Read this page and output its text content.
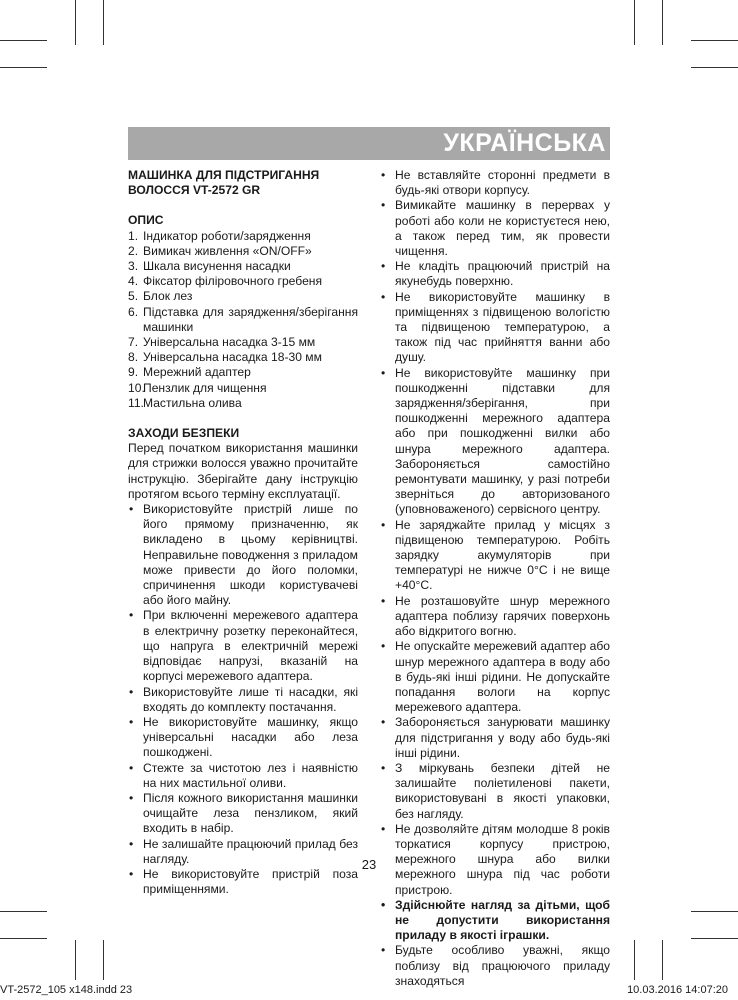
УКРАЇНСЬКА

МАШИНКА ДЛЯ ПІДСТРИГАННЯ

ВОЛОССЯ VT-2572 GR

ОПИС

1. Індикатор роботи/зарядження
2. Вимикач живлення «ON/OFF»
3. Шкала висунення насадки
4. Фіксатор філіровочного гребеня
5. Блок лез
6. Підставка для зарядження/зберігання машинки
7. Універсальна насадка 3-15 мм
8. Універсальна насадка 18-30 мм
9. Мережний адаптер
10.
Пензлик для чищення
11. Мастильна олива

ЗАХОДИ БЕЗПЕКИ

Перед початком використання машинки для стрижки волосся уважно прочитайте інструкцію. Зберігайте дану інструкцію протягом всього терміну експлуатації.

• Використовуйте пристрій лише по його прямому призначенню, як викладено в цьому керівництві. Неправильне поводження з приладом може привести до його поломки, спричинення шкоди користувачеві або його майну.
• При включенні мережевого адаптера в електричну розетку переконайтеся, що напруга в електричній мережі відповідає напрузі, вказаній на корпусі мережевого адаптера.
• Використовуйте лише ті насадки, які входять до комплекту постачання.
• Не використовуйте машинку, якщо універсальні насадки або леза пошкоджені.
• Стежте за чистотою лез і наявністю на них мастильної оливи.
• Після кожного використання машинки очищайте леза пензликом, який входить в набір.
• Не залишайте працюючий прилад без нагляду.
• Не використовуйте пристрій поза приміщеннями.
• Не вставляйте сторонні предмети в будь-які отвори корпусу.
• Вимикайте машинку в перервах у роботі або коли не користуєтеся нею, а також перед тим, як провести чищення.
• Не кладіть працюючий пристрій на якунебудь поверхню.
• Не використовуйте машинку в приміщеннях з підвищеною вологістю та підвищеною температурою, а також під час прийняття ванни або душу.
• Не використовуйте машинку при пошкодженні підставки для зарядження/зберігання, при пошкодженні мережного адаптера або при пошкодженні вилки або шнура мережного адаптера. Забороняється самостійно ремонтувати машинку, у разі потреби зверніться до авторизованого (уповноваженого) сервісного центру.
• Не заряджайте прилад у місцях з підвищеною температурою. Робіть зарядку акумуляторів при температурі не нижче 0°С і не вище +40°С.
• Не розташовуйте шнур мережного адаптера поблизу гарячих поверхонь або відкритого вогню.
• Не опускайте мережевий адаптер або шнур мережного адаптера в воду або в будь-які інші рідини. Не допускайте попадання вологи на корпус мережевого адаптера.
• Забороняється занурювати машинку для підстригання у воду або будь-які інші рідини.
• З міркувань безпеки дітей не залишайте поліетиленові пакети, використовувані в якості упаковки, без нагляду.
• Не дозволяйте дітям молодше 8 років торкатися корпусу пристрою, мережного шнура або вилки мережного шнура під час роботи пристрою.
• Здійснюйте нагляд за дітьми, щоб не допустити використання приладу в якості іграшки.
• Будьте особливо уважні, якщо поблизу від працюючого приладу знаходяться
23
VT-2572_105 x148.indd 23	10.03.2016 14:07:20
